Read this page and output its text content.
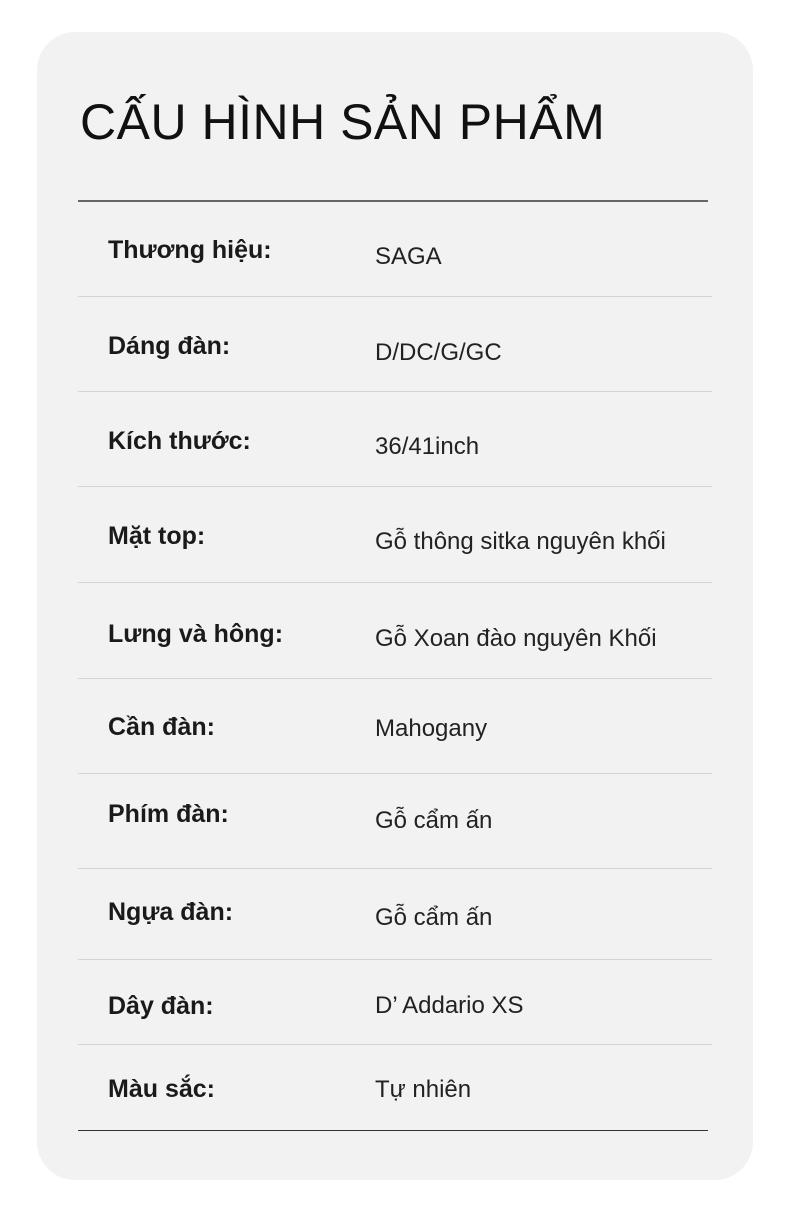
CẤU HÌNH SẢN PHẨM
Thương hiệu:	SAGA
Dáng đàn:	D/DC/G/GC
Kích thước:	36/41inch
Mặt top:	Gỗ thông sitka nguyên khối
Lưng và hông:	Gỗ Xoan đào nguyên Khối
Cần đàn:	Mahogany
Phím đàn:	Gỗ cẩm ấn
Ngựa đàn:	Gỗ cẩm ấn
Dây đàn:	D’ Addario XS
Màu sắc:	Tự nhiên
